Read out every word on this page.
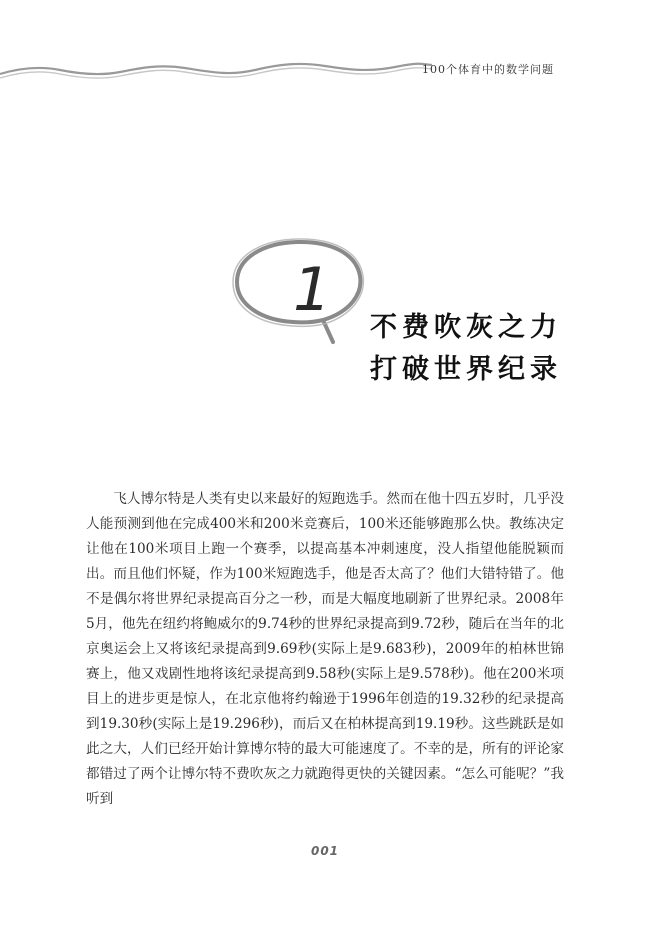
100个体育中的数学问题
1
不费吹灰之力
打破世界纪录

飞人博尔特是人类有史以来最好的短跑选手。然而在他十四五岁时，几乎没人能预测到他在完成400米和200米竞赛后，100米还能够跑那么快。教练决定让他在100米项目上跑一个赛季，以提高基本冲刺速度，没人指望他能脱颖而出。而且他们怀疑，作为100米短跑选手，他是否太高了？他们大错特错了。他不是偶尔将世界纪录提高百分之一秒，而是大幅度地刷新了世界纪录。2008年5月，他先在纽约将鲍威尔的9.74秒的世界纪录提高到9.72秒，随后在当年的北京奥运会上又将该纪录提高到9.69秒(实际上是9.683秒)，2009年的柏林世锦赛上，他又戏剧性地将该纪录提高到9.58秒(实际上是9.578秒)。他在200米项目上的进步更是惊人，在北京他将约翰逊于1996年创造的19.32秒的纪录提高到19.30秒(实际上是19.296秒)，而后又在柏林提高到19.19秒。这些跳跃是如此之大，人们已经开始计算博尔特的最大可能速度了。不幸的是，所有的评论家都错过了两个让博尔特不费吹灰之力就跑得更快的关键因素。“怎么可能呢？”我听到

001
